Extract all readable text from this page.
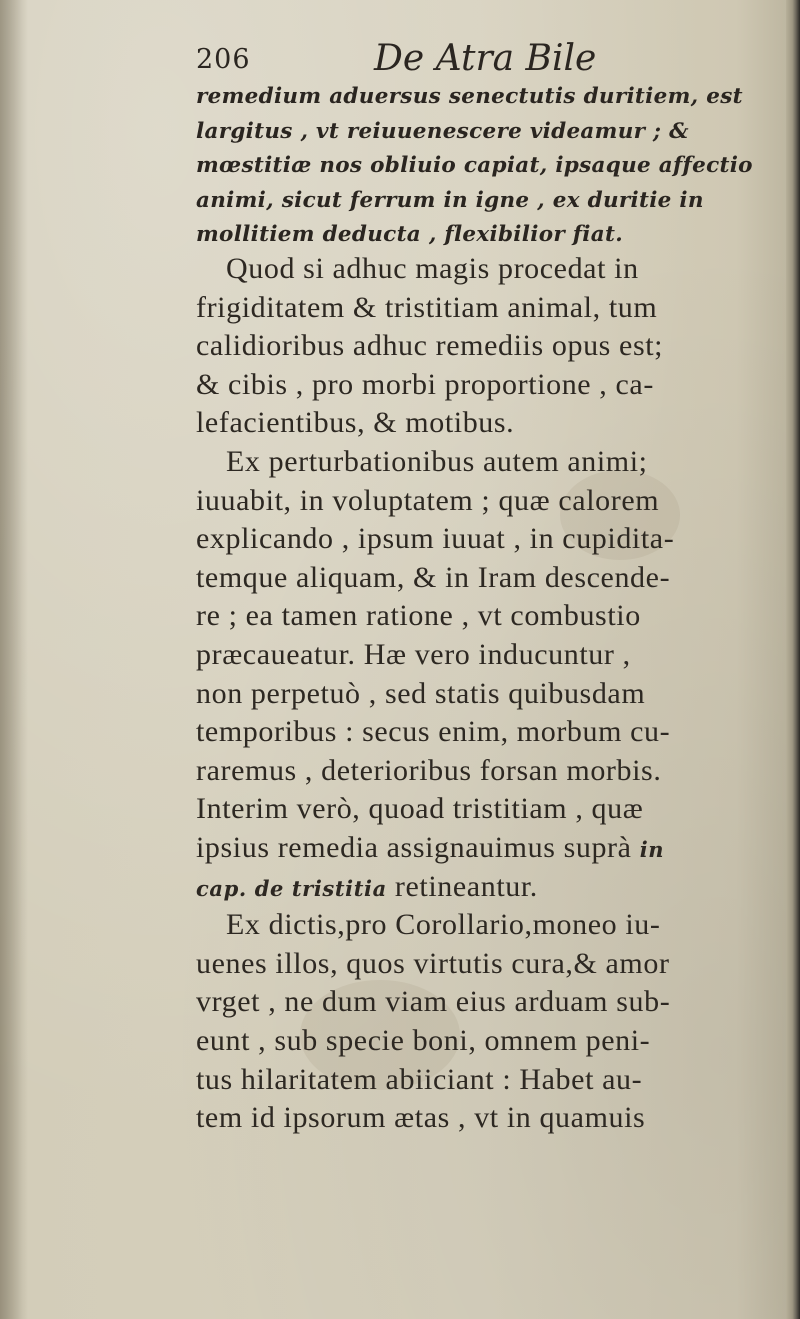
206	De Atra Bile
remedium aduersus senectutis duritiem, est
largitus , vt reiuuenescere videamur ; &
mœstitiæ nos obliuio capiat, ipsaque affectio
animi, sicut ferrum in igne , ex duritie in
mollitiem deducta , flexibilior fiat.
Quod si adhuc magis procedat in
frigiditatem & tristitiam animal, tum
calidioribus adhuc remediis opus est;
& cibis , pro morbi proportione , ca-
lefacientibus, & motibus.
Ex perturbationibus autem animi;
iuuabit, in voluptatem ; quæ calorem
explicando , ipsum iuuat , in cupidita-
temque aliquam, & in Iram descende-
re ; ea tamen ratione , vt combustio
præcaueatur. Hæ vero inducuntur ,
non perpetuò , sed statis quibusdam
temporibus : secus enim, morbum cu-
raremus , deterioribus forsan morbis.
Interim verò, quoad tristitiam , quæ
ipsius remedia assignauimus suprà in
cap. de tristitia retineantur.
Ex dictis,pro Corollario,moneo iu-
uenes illos, quos virtutis cura,& amor
vrget , ne dum viam eius arduam sub-
eunt , sub specie boni, omnem peni-
tus hilaritatem abiiciant : Habet au-
tem id ipsorum ætas , vt in quamuis
